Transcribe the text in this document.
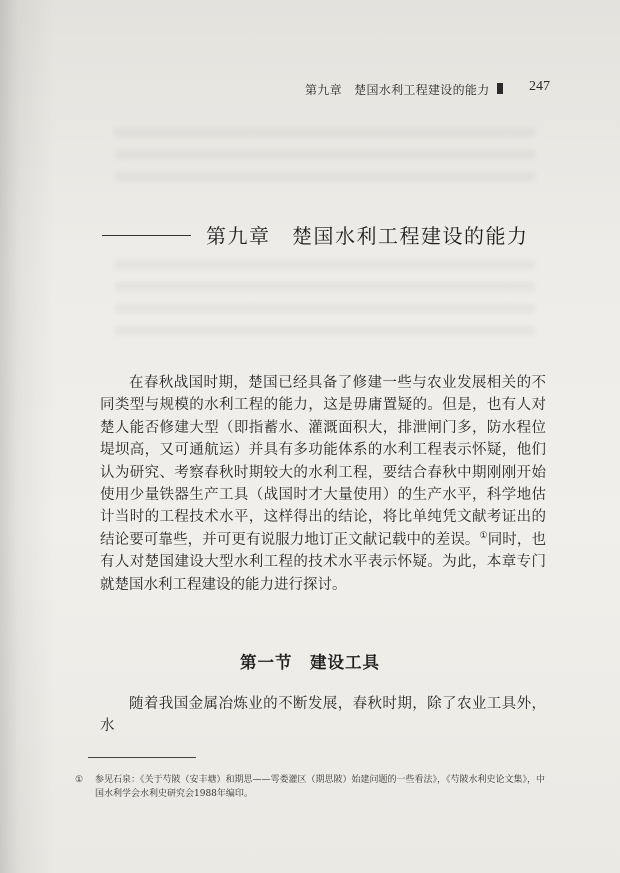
第九章　楚国水利工程建设的能力	247
第九章　楚国水利工程建设的能力

在春秋战国时期，楚国已经具备了修建一些与农业发展相关的不同类型与规模的水利工程的能力，这是毋庸置疑的。但是，也有人对楚人能否修建大型（即指蓄水、灌溉面积大，排泄闸门多，防水程位堤坝高，又可通航运）并具有多功能体系的水利工程表示怀疑，他们认为研究、考察春秋时期较大的水利工程，要结合春秋中期刚刚开始使用少量铁器生产工具（战国时才大量使用）的生产水平，科学地估计当时的工程技术水平，这样得出的结论，将比单纯凭文献考证出的结论要可靠些，并可更有说服力地订正文献记载中的差误。①同时，也有人对楚国建设大型水利工程的技术水平表示怀疑。为此，本章专门就楚国水利工程建设的能力进行探讨。

第一节　建设工具

随着我国金属冶炼业的不断发展，春秋时期，除了农业工具外，水

①	参见石泉：《关于芍陂（安丰塘）和期思——雩娄灌区（期思陂）始建问题的一些看法》，《芍陂水利史论文集》，中国水利学会水利史研究会1988年编印。
